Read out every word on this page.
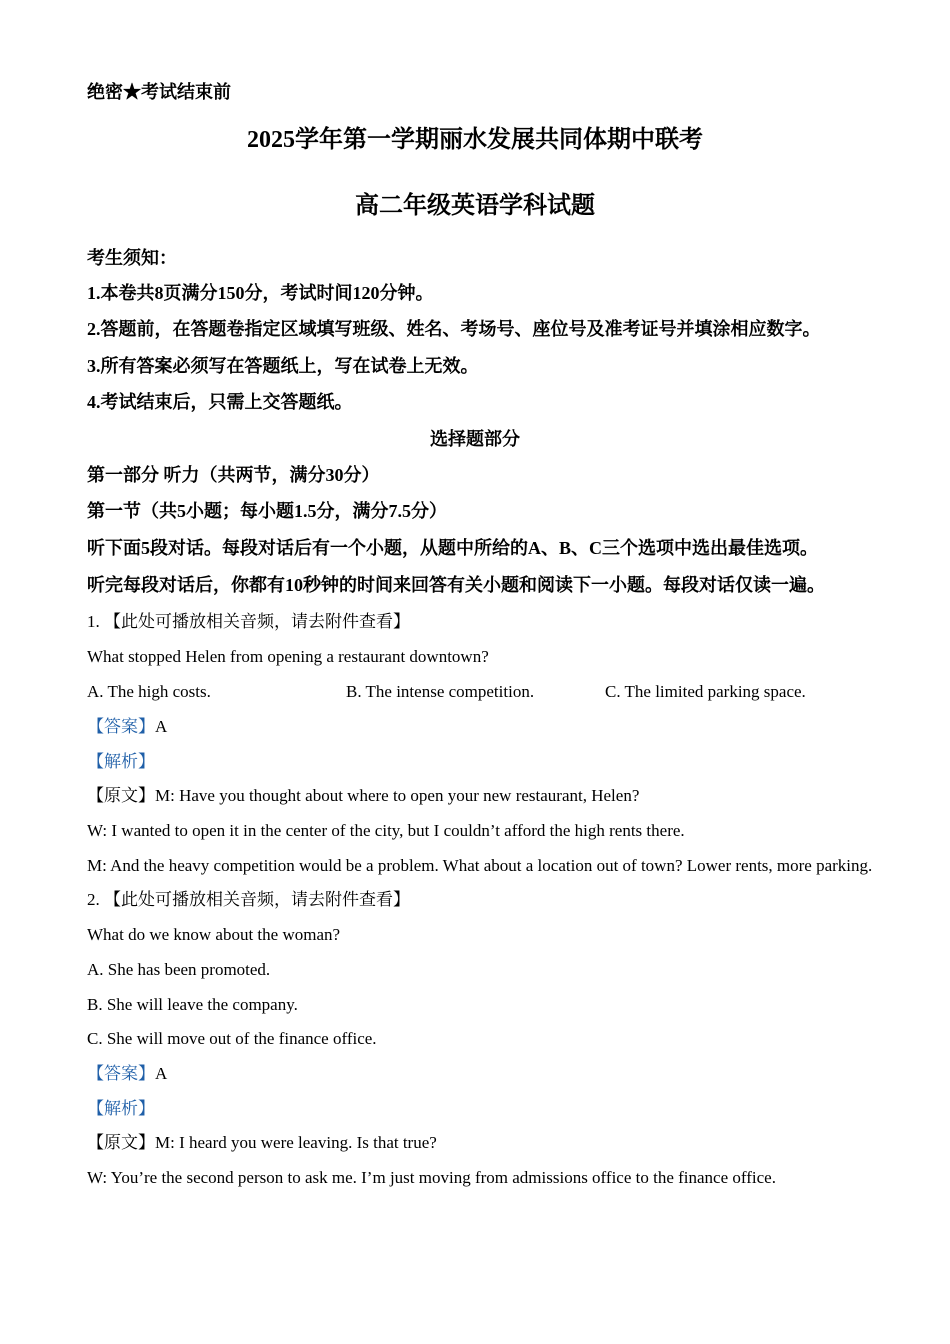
绝密★考试结束前
2025学年第一学期丽水发展共同体期中联考
高二年级英语学科试题
考生须知：
1.本卷共8页满分150分，考试时间120分钟。
2.答题前，在答题卷指定区域填写班级、姓名、考场号、座位号及准考证号并填涂相应数字。
3.所有答案必须写在答题纸上，写在试卷上无效。
4.考试结束后，只需上交答题纸。
选择题部分
第一部分 听力（共两节，满分30分）
第一节（共5小题；每小题1.5分，满分7.5分）
听下面5段对话。每段对话后有一个小题，从题中所给的A、B、C三个选项中选出最佳选项。
听完每段对话后，你都有10秒钟的时间来回答有关小题和阅读下一小题。每段对话仅读一遍。
1. 【此处可播放相关音频，请去附件查看】
What stopped Helen from opening a restaurant downtown?
A. The high costs.	B. The intense competition.	C. The limited parking space.
【答案】A
【解析】
【原文】M: Have you thought about where to open your new restaurant, Helen?
W: I wanted to open it in the center of the city, but I couldn’t afford the high rents there.
M: And the heavy competition would be a problem. What about a location out of town? Lower rents, more parking.
2. 【此处可播放相关音频，请去附件查看】
What do we know about the woman?
A. She has been promoted.
B. She will leave the company.
C. She will move out of the finance office.
【答案】A
【解析】
【原文】M: I heard you were leaving. Is that true?
W: You’re the second person to ask me. I’m just moving from admissions office to the finance office.
